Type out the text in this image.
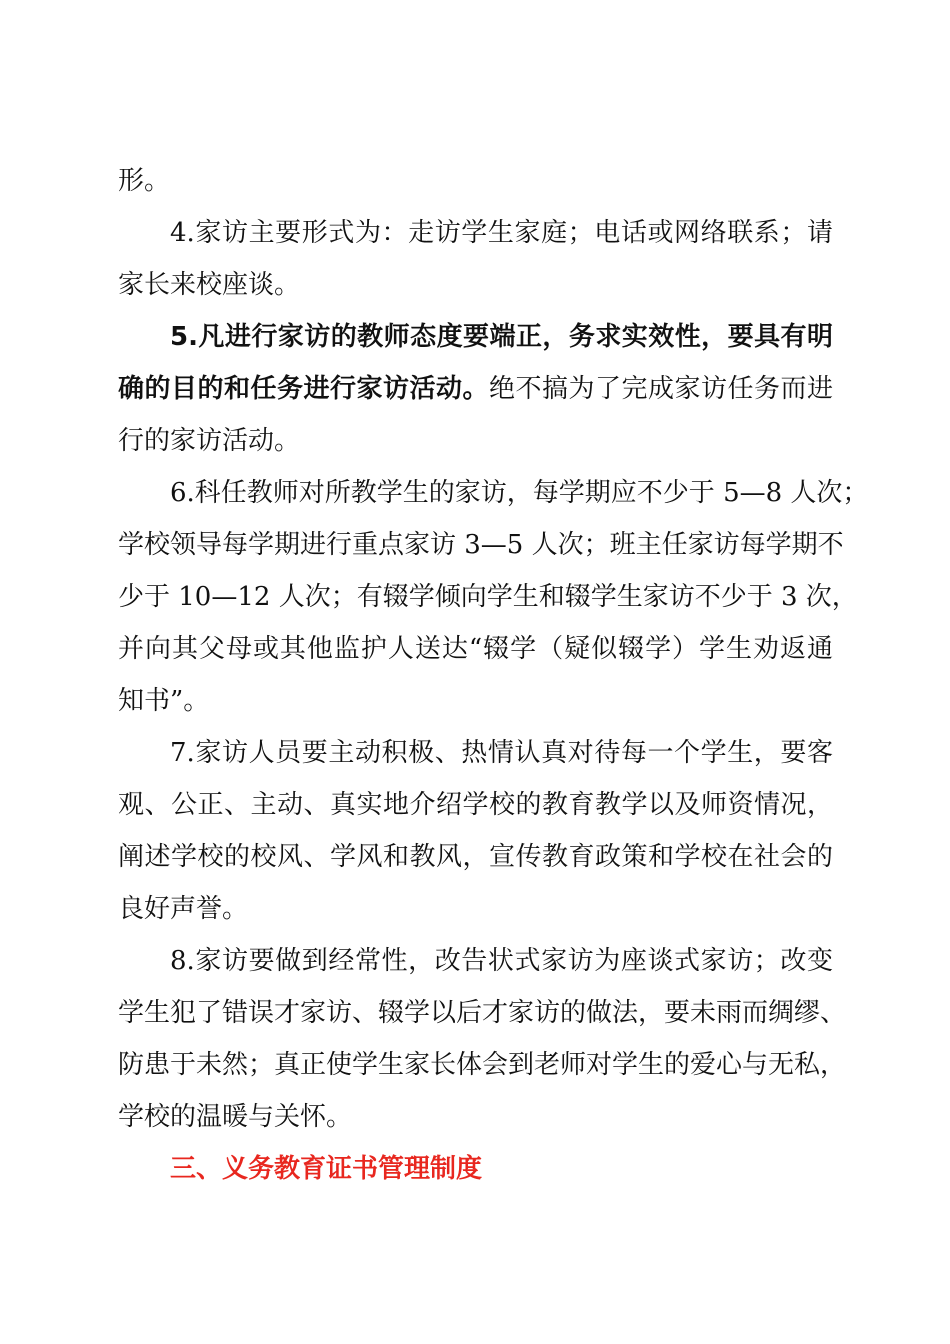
形。
4.家访主要形式为：走访学生家庭；电话或网络联系；请
家长来校座谈。
5.凡进行家访的教师态度要端正，务求实效性，要具有明
确的目的和任务进行家访活动。绝不搞为了完成家访任务而进
行的家访活动。
6.科任教师对所教学生的家访，每学期应不少于 5—8 人次；
学校领导每学期进行重点家访 3—5 人次；班主任家访每学期不
少于 10—12 人次；有辍学倾向学生和辍学生家访不少于 3 次，
并向其父母或其他监护人送达“辍学（疑似辍学）学生劝返通
知书”。
7.家访人员要主动积极、热情认真对待每一个学生，要客
观、公正、主动、真实地介绍学校的教育教学以及师资情况，
阐述学校的校风、学风和教风，宣传教育政策和学校在社会的
良好声誉。
8.家访要做到经常性，改告状式家访为座谈式家访；改变
学生犯了错误才家访、辍学以后才家访的做法，要未雨而绸缪、
防患于未然；真正使学生家长体会到老师对学生的爱心与无私，
学校的温暖与关怀。
三、义务教育证书管理制度
